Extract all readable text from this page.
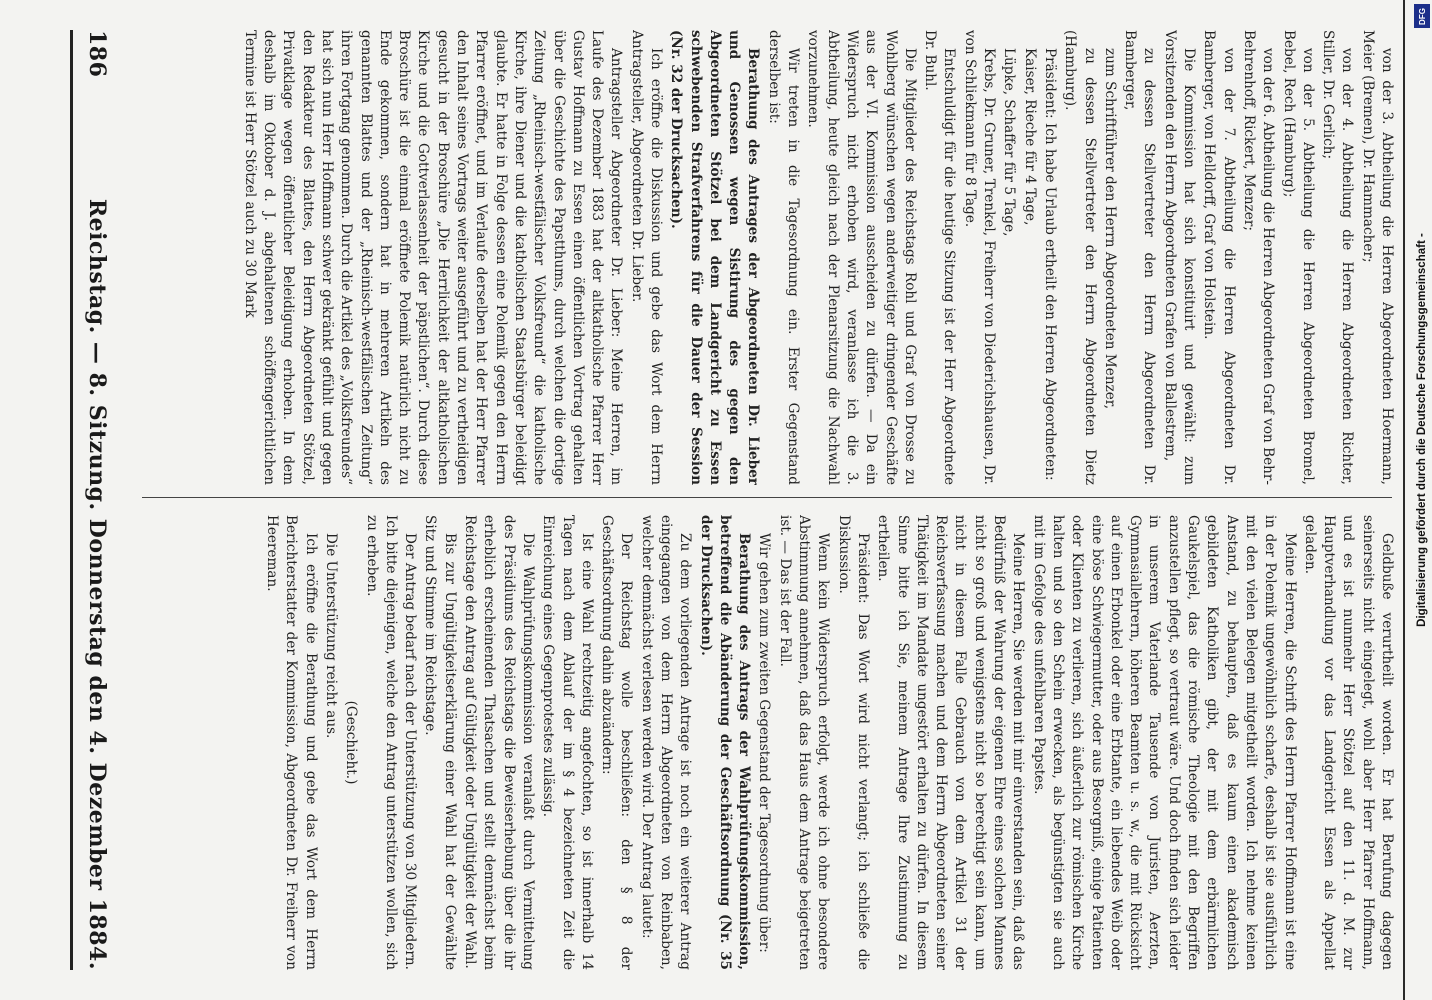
186
Reichstag. — 8. Sitzung. Donnerstag den 4. Dezember 1884.	von der 3. Abtheilung die Herren Abgeordneten Hoermann, Meier (Bremen), Dr. Hammacher;

von der 4. Abtheilung die Herren Abgeordneten Richter, Stiller, Dr. Gerlich;

von der 5. Abtheilung die Herren Abgeordneten Bromel, Bebel, Rech (Hamburg);

von der 6. Abtheilung die Herren Abgeordneten Graf von Behr-Behrenhoff, Rickert, Menzer;

von der 7. Abtheilung die Herren Abgeordneten Dr. Bamberger, von Helldorff, Graf von Holstein.

Die Kommission hat sich konstituirt und gewählt: zum Vorsitzenden den Herrn Abgeordneten Grafen von Ballestrem,

zu dessen Stellvertreter den Herrn Abgeordneten Dr. Bamberger,

zum Schriftführer den Herrn Abgeordneten Menzer,

zu dessen Stellvertreter den Herrn Abgeordneten Dietz (Hamburg).

Präsident: Ich habe Urlaub ertheilt den Herren Abgeordneten:

Kaiser, Rieche für 4 Tage,

Lüpke, Schaffer für 5 Tage,

Krebs, Dr. Gruner, Trenkel, Freiherr von Diederichshausen, Dr. von Schliekmann für 8 Tage.

Entschuldigt für die heutige Sitzung ist der Herr Abgeordnete Dr. Buhl.

Die Mitglieder des Reichstags Rohl und Graf von Drosse zu Wohlberg wünschen wegen anderweitiger dringender Geschäfte aus der VI. Kommission ausscheiden zu dürfen. — Da ein Widerspruch nicht erhoben wird, veranlasse ich die 3. Abtheilung, heute gleich nach der Plenarsitzung die Nachwahl vorzunehmen.

Wir treten in die Tagesordnung ein. Erster Gegenstand derselben ist:

Berathung des Antrages der Abgeordneten Dr. Lieber und Genossen wegen Sistirung des gegen den Abgeordneten Stötzel bei dem Landgericht zu Essen schwebenden Strafverfahrens für die Dauer der Session (Nr. 32 der Drucksachen).

Ich eröffne die Diskussion und gebe das Wort dem Herrn Antragsteller, Abgeordneten Dr. Lieber.

Antragsteller Abgeordneter Dr. Lieber: Meine Herren, im Laufe des Dezember 1883 hat der altkatholische Pfarrer Herr Gustav Hoffmann zu Essen einen öffentlichen Vortrag gehalten über die Geschichte des Papstthums, durch welchen die dortige Zeitung „Rheinisch-westfälischer Volksfreund“ die katholische Kirche, ihre Diener und die katholischen Staatsbürger beleidigt glaubte. Er hatte in Folge dessen eine Polemik gegen den Herrn Pfarrer eröffnet, und im Verlaufe derselben hat der Herr Pfarrer den Inhalt seines Vortrags weiter ausgeführt und zu vertheidigen gesucht in der Broschüre „Die Herrlichkeit der altkatholischen Kirche und die Gottverlassenheit der päpstlichen“. Durch diese Broschüre ist die einmal eröffnete Polemik natürlich nicht zu Ende gekommen, sondern hat in mehreren Artikeln des genannten Blattes und der „Rheinisch-westfälischen Zeitung“ ihren Fortgang genommen. Durch die Artikel des „Volksfreundes“ hat sich nun Herr Hoffmann schwer gekränkt gefühlt und gegen den Redakteur des Blattes, den Herrn Abgeordneten Stötzel, Privatklage wegen öffentlicher Beleidigung erhoben. In dem deshalb im Oktober d. J. abgehaltenen schöffengerichtlichen Termine ist Herr Stötzel auch zu 30 Mark

Geldbuße verurtheilt worden. Er hat Berufung dagegen seinerseits nicht eingelegt, wohl aber Herr Pfarrer Hoffmann, und es ist nunmehr Herr Stötzel auf den 11. d. M. zur Hauptverhandlung vor das Landgericht Essen als Appellat geladen.

Meine Herren, die Schrift des Herrn Pfarrer Hoffmann ist eine in der Polemik ungewöhnlich scharfe, deshalb ist sie ausführlich mit den vielen Belegen mitgetheilt worden. Ich nehme keinen Anstand, zu behaupten, daß es kaum einen akademisch gebildeten Katholiken gibt, der mit dem erbärmlichen Gaukelspiel, das die römische Theologie mit den Begriffen anzustellen pflegt, so vertraut wäre. Und doch finden sich leider in unserem Vaterlande Tausende von Juristen, Aerzten, Gymnasiallehrern, höheren Beamten u. s. w., die mit Rücksicht auf einen Erbonkel oder eine Erbtante, ein liebendes Weib oder eine böse Schwiegermutter, oder aus Besorgniß, einige Patienten oder Klienten zu verlieren, sich äußerlich zur römischen Kirche halten und so den Schein erwecken, als begünstigten sie auch mit im Gefolge des unfehlbaren Papstes.

Meine Herren, Sie werden mit mir einverstanden sein, daß das Bedürfniß der Wahrung der eigenen Ehre eines solchen Mannes nicht so groß und wenigstens nicht so berechtigt sein kann, um nicht in diesem Falle Gebrauch von dem Artikel 31 der Reichsverfassung machen und dem Herrn Abgeordneten seiner Thätigkeit im Mandate ungestört erhalten zu dürfen. In diesem Sinne bitte ich Sie, meinem Antrage Ihre Zustimmung zu ertheilen.

Präsident: Das Wort wird nicht verlangt; ich schließe die Diskussion.

Wenn kein Widerspruch erfolgt, werde ich ohne besondere Abstimmung annehmen, daß das Haus dem Antrage beigetreten ist. — Das ist der Fall.

Wir gehen zum zweiten Gegenstand der Tagesordnung über:

Berathung des Antrags der Wahlprüfungskommission, betreffend die Abänderung der Geschäftsordnung (Nr. 35 der Drucksachen).

Zu dem vorliegenden Antrage ist noch ein weiterer Antrag eingegangen von dem Herrn Abgeordneten von Reinbaben, welcher demnächst verlesen werden wird. Der Antrag lautet:

Der Reichstag wolle beschließen: den § 8 der Geschäftsordnung dahin abzuändern:

Ist eine Wahl rechtzeitig angefochten, so ist innerhalb 14 Tagen nach dem Ablauf der im § 4 bezeichneten Zeit die Einreichung eines Gegenprotestes zulässig.

Die Wahlprüfungskommission veranlaßt durch Vermittelung des Präsidiums des Reichstags die Beweiserhebung über die ihr erheblich erscheinenden Thatsachen und stellt demnächst beim Reichstage den Antrag auf Gültigkeit oder Ungültigkeit der Wahl.

Bis zur Ungültigkeitserklärung einer Wahl hat der Gewählte Sitz und Stimme im Reichstage.

Der Antrag bedarf nach der Unterstützung von 30 Mitgliedern. Ich bitte diejenigen, welche den Antrag unterstützen wollen, sich zu erheben.

(Geschieht.)

Die Unterstützung reicht aus.

Ich eröffne die Berathung und gebe das Wort dem Herrn Berichterstatter der Kommission, Abgeordneten Dr. Freiherr von Heereman.

DFG
Digitalisierung gefördert durch die Deutsche Forschungsgemeinschaft -
